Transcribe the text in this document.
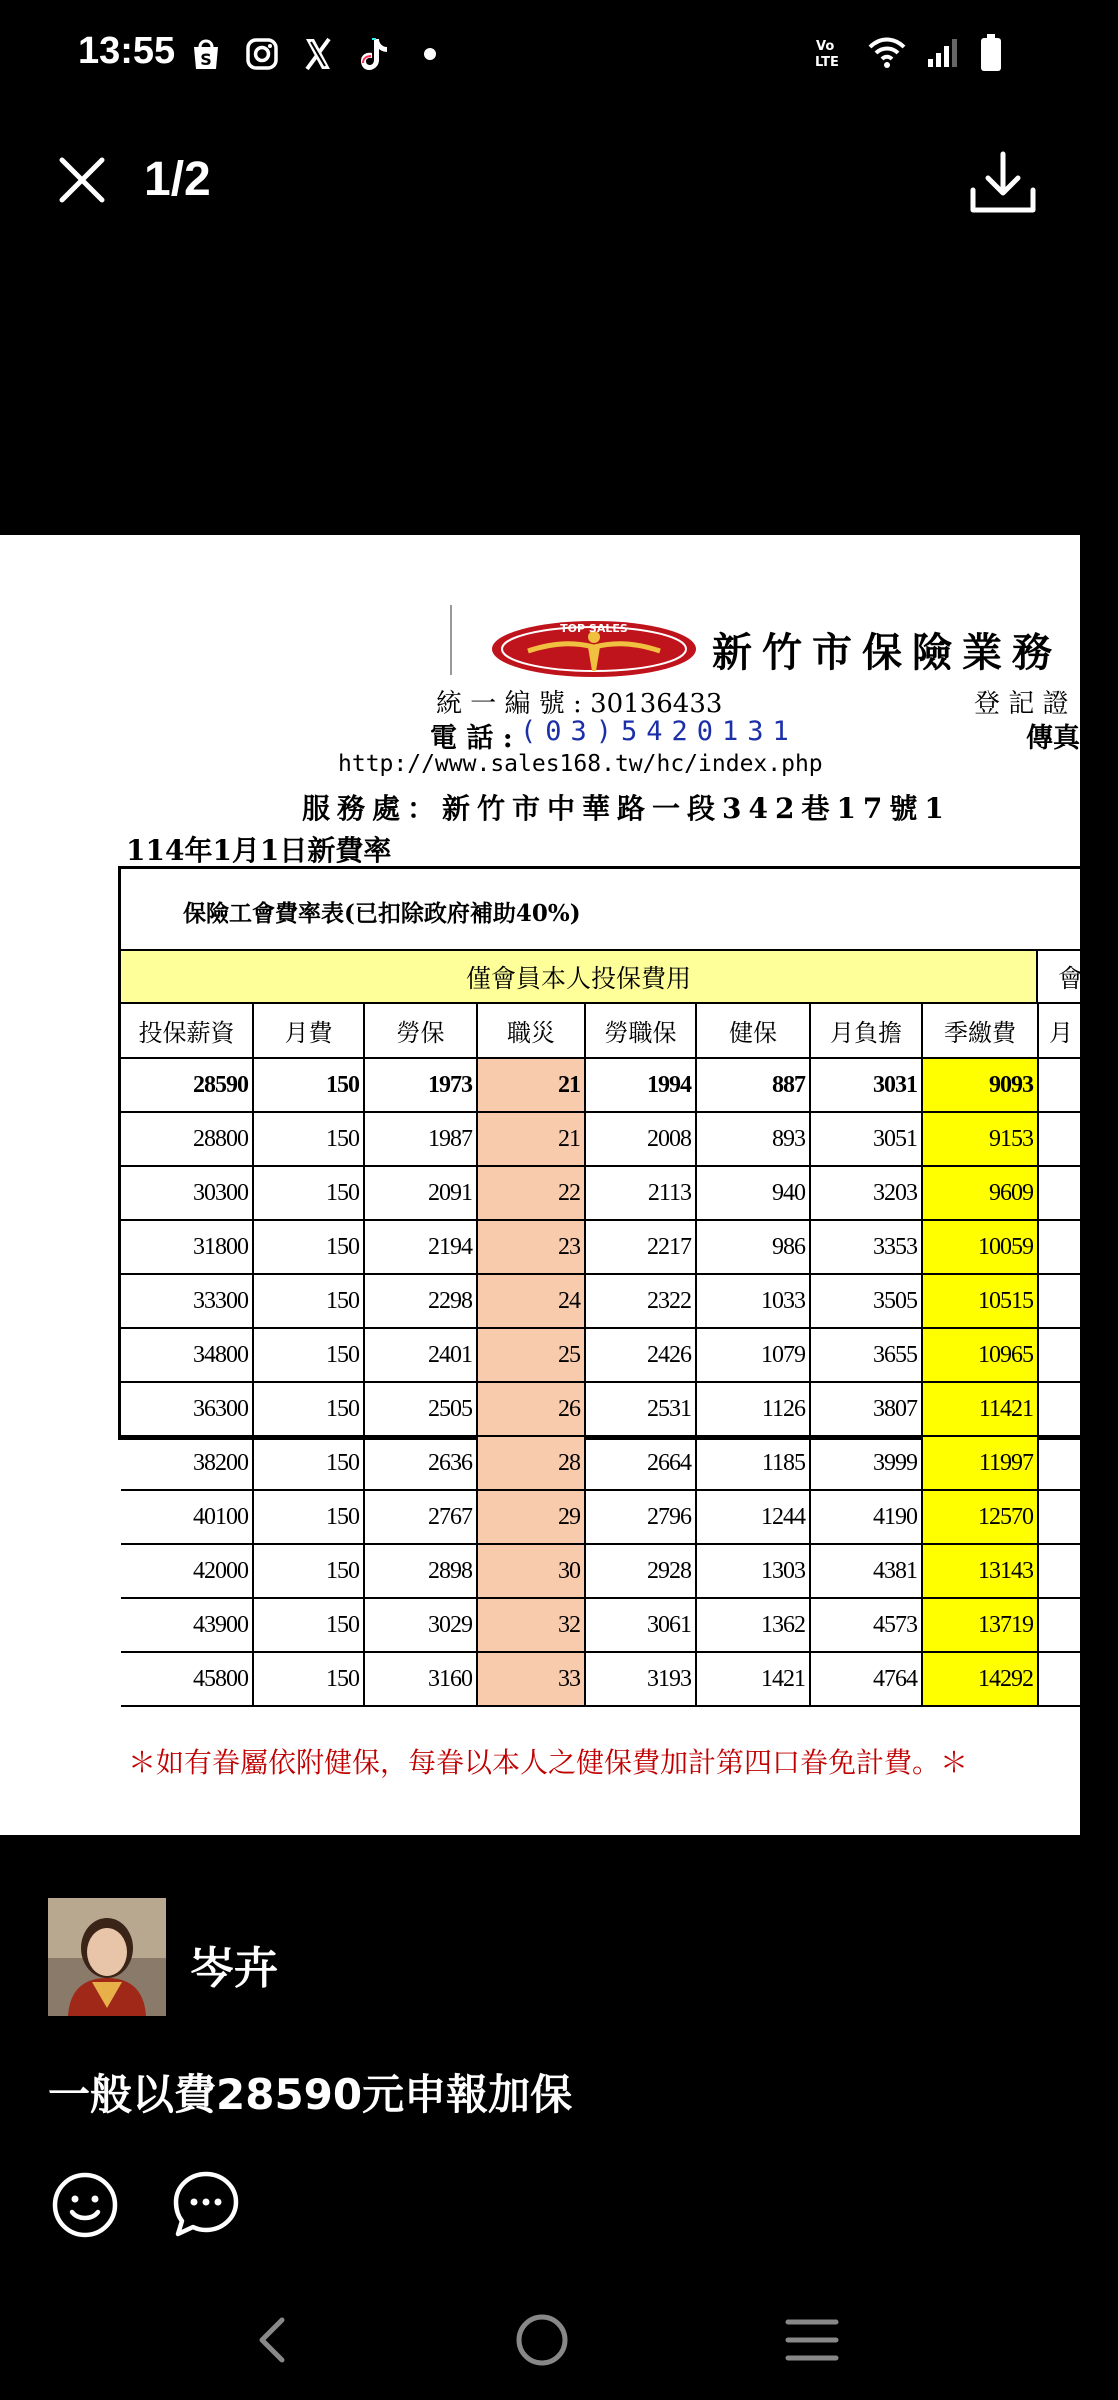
13:55 S
Vo
LTE
1/2
TOP SALES
新竹市保險業務
統 一 編 號 : 30136433	登 記 證
電 話 : (03)5420131	傳真
http://www.sales168.tw/hc/index.php
服務處：新竹市中華路一段342巷17號1
114年1月1日新費率
保險工會費率表(已扣除政府補助40%)
僅會員本人投保費用	會
投保薪資	月費	勞保	職災	勞職保	健保	月負擔	季繳費	月
28590	150	1973	21	1994	887	3031	9093	
28800	150	1987	21	2008	893	3051	9153	
30300	150	2091	22	2113	940	3203	9609	
31800	150	2194	23	2217	986	3353	10059	
33300	150	2298	24	2322	1033	3505	10515	
34800	150	2401	25	2426	1079	3655	10965	
36300	150	2505	26	2531	1126	3807	11421	
38200	150	2636	28	2664	1185	3999	11997	
40100	150	2767	29	2796	1244	4190	12570	
42000	150	2898	30	2928	1303	4381	13143	
43900	150	3029	32	3061	1362	4573	13719	
45800	150	3160	33	3193	1421	4764	14292	
＊如有眷屬依附健保，每眷以本人之健保費加計第四口眷免計費。＊
岑卉
一般以費28590元申報加保
